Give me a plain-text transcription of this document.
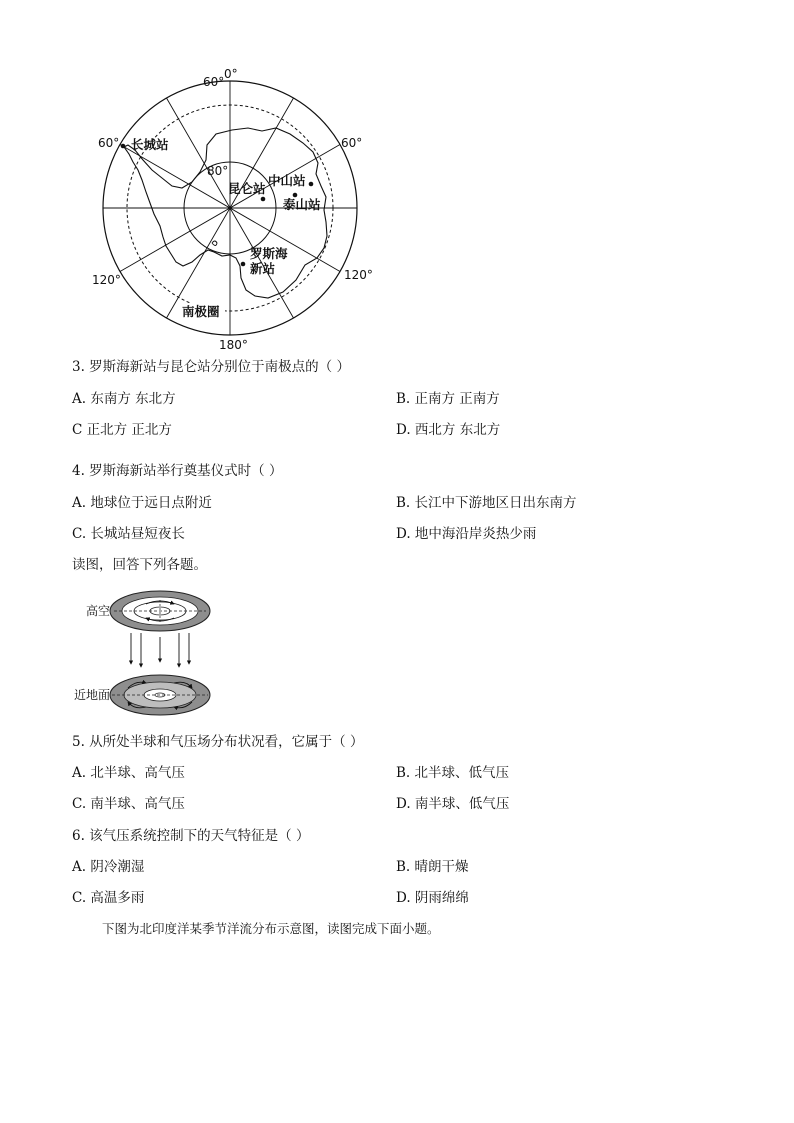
0°
60°
60°	60°
80°
120°	120°
180°
长城站
昆仑站
中山站
泰山站
罗斯海
新站
南极圈
3. 罗斯海新站与昆仑站分别位于南极点的（ ）
A. 东南方 东北方	B. 正南方 正南方
C 正北方 正北方	D. 西北方 东北方
4. 罗斯海新站举行奠基仪式时（ ）
A. 地球位于远日点附近	B. 长江中下游地区日出东南方
C. 长城站昼短夜长	D. 地中海沿岸炎热少雨
读图，回答下列各题。
高空
近地面
5. 从所处半球和气压场分布状况看，它属于（ ）
A. 北半球、高气压	B. 北半球、低气压
C. 南半球、高气压	D. 南半球、低气压
6. 该气压系统控制下的天气特征是（ ）
A. 阴冷潮湿	B. 晴朗干燥
C. 高温多雨	D. 阴雨绵绵
下图为北印度洋某季节洋流分布示意图，读图完成下面小题。
